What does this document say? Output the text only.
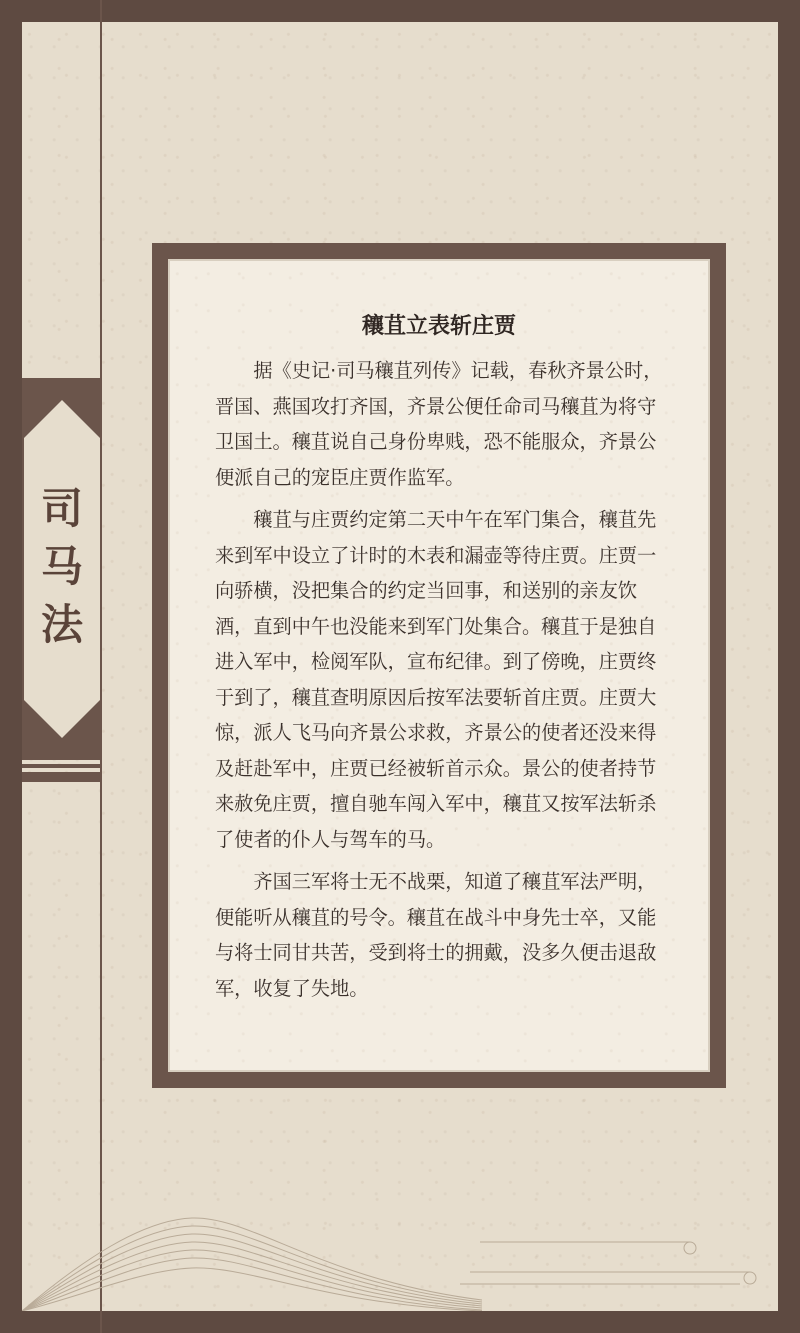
司
马
法
穰苴立表斩庄贾

据《史记·司马穰苴列传》记载，春秋齐景公时，晋国、燕国攻打齐国，齐景公便任命司马穰苴为将守卫国土。穰苴说自己身份卑贱，恐不能服众，齐景公便派自己的宠臣庄贾作监军。

穰苴与庄贾约定第二天中午在军门集合，穰苴先来到军中设立了计时的木表和漏壶等待庄贾。庄贾一向骄横，没把集合的约定当回事，和送别的亲友饮酒，直到中午也没能来到军门处集合。穰苴于是独自进入军中，检阅军队，宣布纪律。到了傍晚，庄贾终于到了，穰苴查明原因后按军法要斩首庄贾。庄贾大惊，派人飞马向齐景公求救，齐景公的使者还没来得及赶赴军中，庄贾已经被斩首示众。景公的使者持节来赦免庄贾，擅自驰车闯入军中，穰苴又按军法斩杀了使者的仆人与驾车的马。

齐国三军将士无不战栗，知道了穰苴军法严明，便能听从穰苴的号令。穰苴在战斗中身先士卒，又能与将士同甘共苦，受到将士的拥戴，没多久便击退敌军，收复了失地。
